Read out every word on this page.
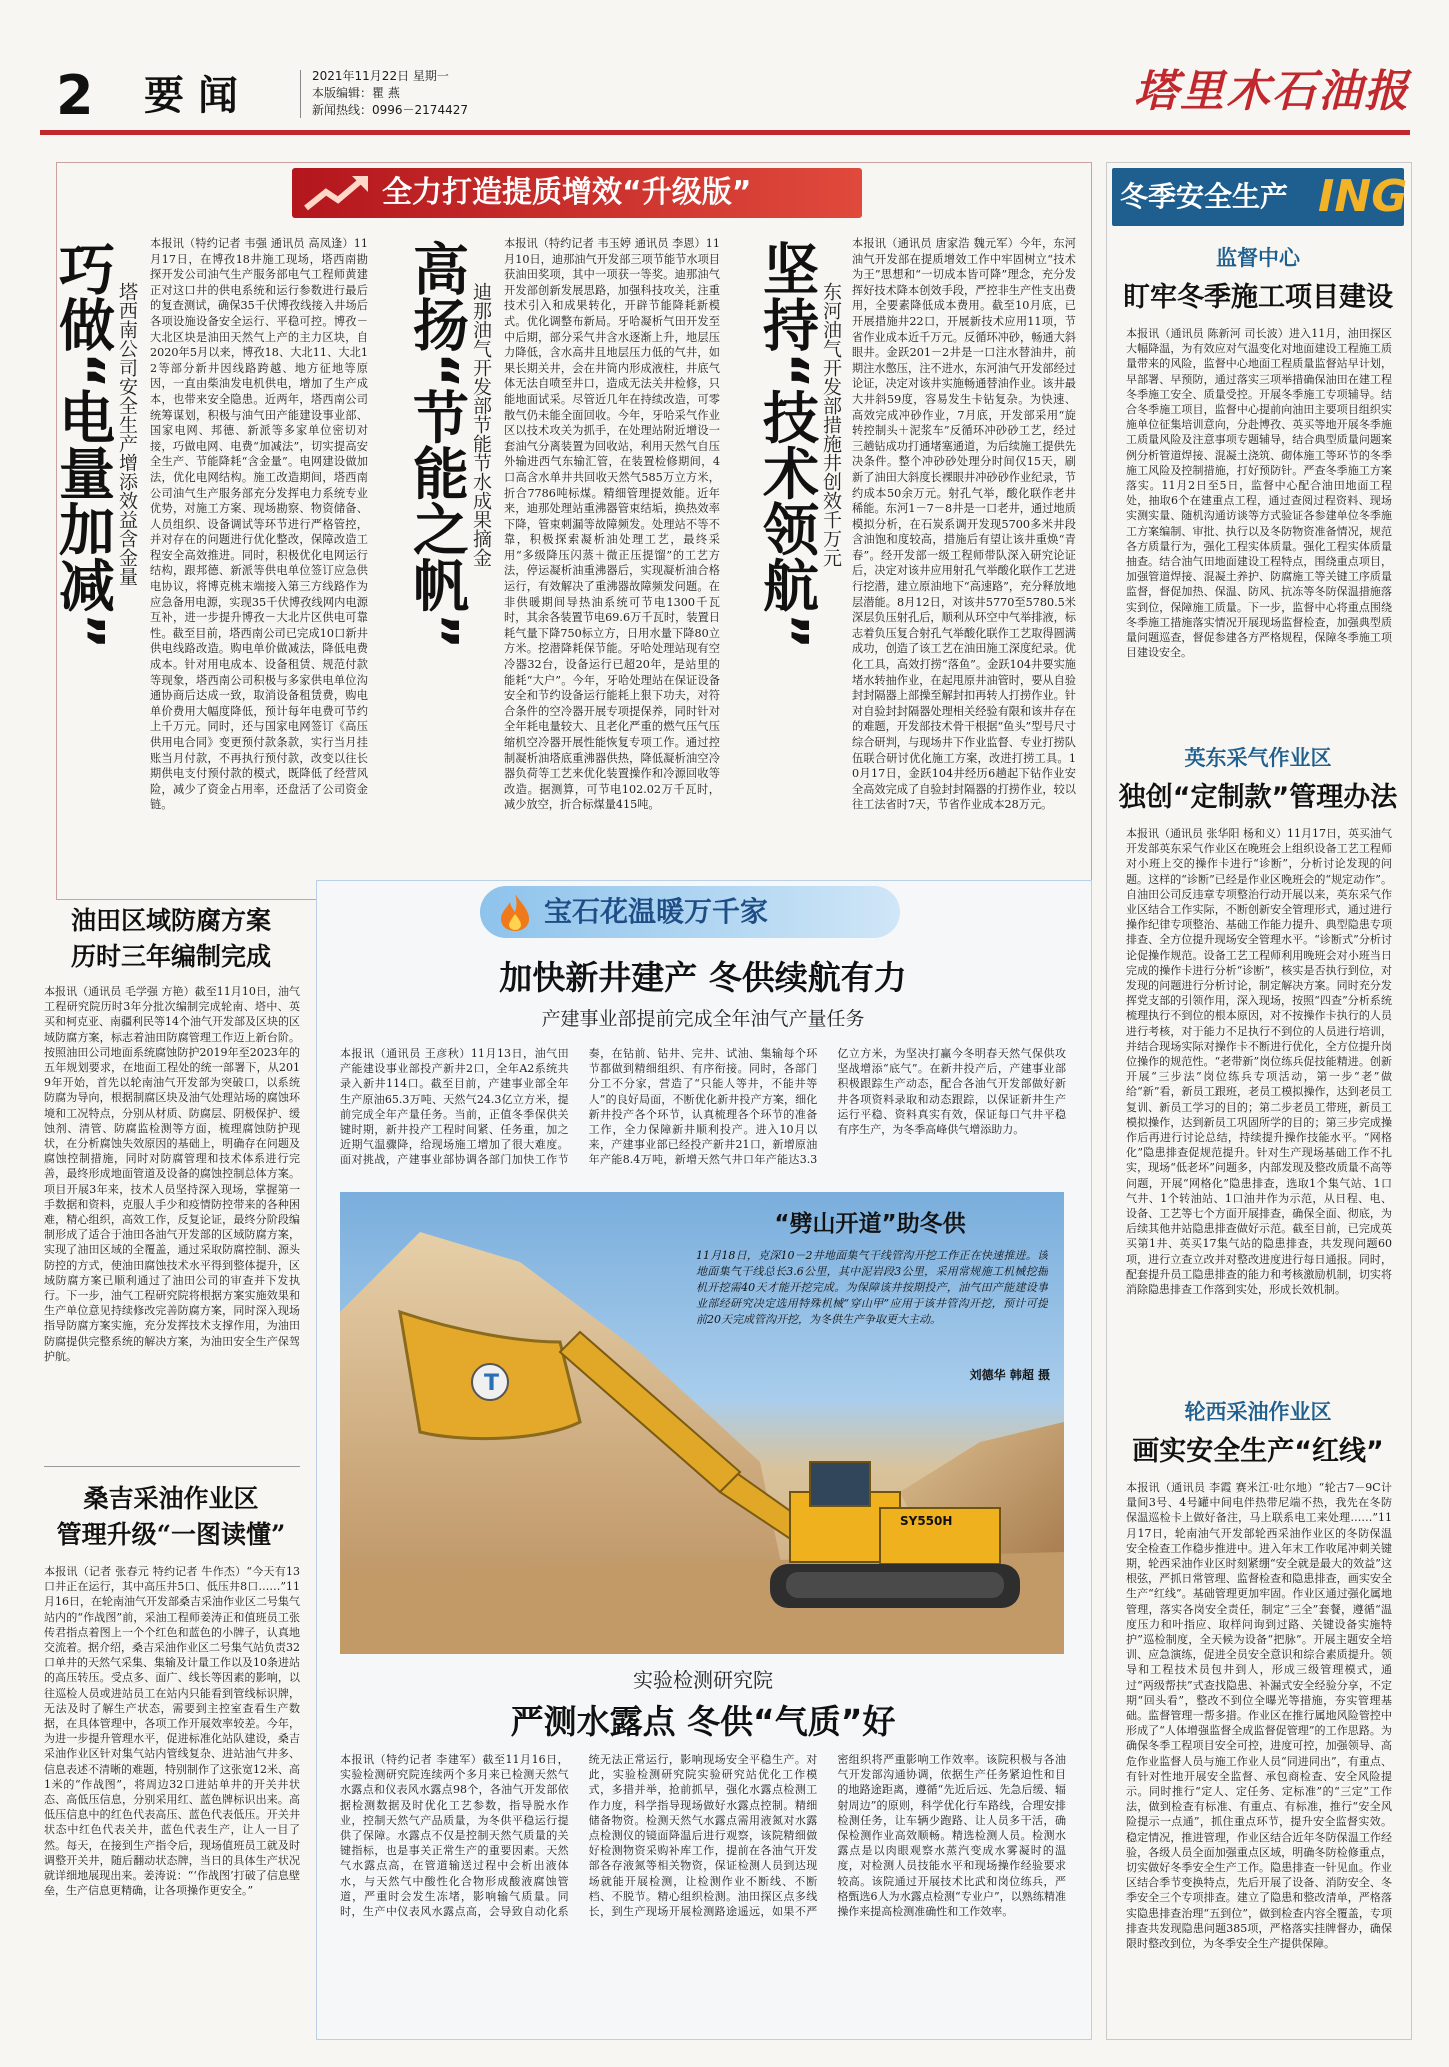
2 要闻	2021年11月22日 星期一
本版编辑：瞿 燕
新闻热线：0996－2174427	塔里木石油报
全力打造提质增效“升级版”
巧做“电量加减” 塔西南公司安全生产增添效益含金量
本报讯（特约记者 韦强 通讯员 高凤逢）11月17日，在博孜18井施工现场，塔西南勘探开发公司油气生产服务部电气工程师黄建正对这口井的供电系统和运行参数进行最后的复查测试，确保35千伏博孜线接入井场后各项设施设备安全运行、平稳可控。博孜－大北区块是油田天然气上产的主力区块，自2020年5月以来，博孜18、大北11、大北12等部分新井因线路跨越、地方征地等原因，一直由柴油发电机供电，增加了生产成本，也带来安全隐患。近两年，塔西南公司统筹谋划，积极与油气田产能建设事业部、国家电网、邦德、新派等多家单位密切对接，巧做电网、电费“加减法”，切实提高安全生产、节能降耗“含金量”。电网建设做加法，优化电网结构。施工改造期间，塔西南公司油气生产服务部充分发挥电力系统专业优势，对施工方案、现场勘察、物资储备、人员组织、设备调试等环节进行严格管控，并对存在的问题进行优化整改，保障改造工程安全高效推进。同时，积极优化电网运行结构，跟邦德、新派等供电单位签订应急供电协议，将博克桃末端接入第三方线路作为应急备用电源，实现35千伏博孜线网内电源互补，进一步提升博孜－大北片区供电可靠性。截至目前，塔西南公司已完成10口新井供电线路改造。购电单价做减法，降低电费成本。针对用电成本、设备租赁、规范付款等现象，塔西南公司积极与多家供电单位沟通协商后达成一致，取消设备租赁费，购电单价费用大幅度降低，预计每年电费可节约上千万元。同时，还与国家电网签订《高压供用电合同》变更预付款条款，实行当月挂账当月付款，不再执行预付款，改变以往长期供电支付预付款的模式，既降低了经营风险，减少了资金占用率，还盘活了公司资金链。
高扬“节能之帆” 迪那油气开发部节能节水成果摘金
本报讯（特约记者 韦玉婷 通讯员 李恩）11月10日，迪那油气开发部三项节能节水项目获油田奖项，其中一项获一等奖。迪那油气开发部创新发展思路，加强科技攻关，注重技术引入和成果转化，开辟节能降耗新模式。优化调整布新局。牙哈凝析气田开发至中后期，部分采气井含水逐渐上升，地层压力降低，含水高井且地层压力低的气井，如果长期关井，会在井筒内形成液柱，井底气体无法自喷至井口，造成无法关井检修，只能地面试采。尽管近几年在持续改造，可零散气仍未能全面回收。今年，牙哈采气作业区以技术攻关为抓手，在处理站附近增设一套油气分离装置为回收站，利用天然气自压外输进西气东输汇管，在装置检修期间，4口高含水单井共回收天然气585万立方米，折合7786吨标煤。精细管理提效能。近年来，迪那处理站重沸器管束结垢，换热效率下降，管束刺漏等故障频发。处理站不等不靠，积极探索凝析油处理工艺，最终采用“多级降压闪蒸＋微正压提馏”的工艺方法，停运凝析油重沸器后，实现凝析油合格运行，有效解决了重沸器故障频发问题。在非供暖期间导热油系统可节电1300千瓦时，其余各装置节电69.6万千瓦时，装置日耗气量下降750标立方，日用水量下降80立方米。挖潜降耗保节能。牙哈处理站现有空冷器32台，设备运行已超20年，是站里的能耗“大户”。今年，牙哈处理站在保证设备安全和节约设备运行能耗上狠下功夫，对符合条件的空冷器开展专项提保养，同时针对全年耗电量较大、且老化严重的燃气压气压缩机空冷器开展性能恢复专项工作。通过控制凝析油塔底重沸器供热，降低凝析油空冷器负荷等工艺来优化装置操作和冷源回收等改造。据测算，可节电102.02万千瓦时，减少放空，折合标煤量415吨。
坚持“技术领航” 东河油气开发部措施井创效千万元
本报讯（通讯员 唐家浩 魏元军）今年，东河油气开发部在提质增效工作中牢固树立“技术为王”思想和“一切成本皆可降”理念，充分发挥好技术降本创效手段，严控非生产性支出费用，全要素降低成本费用。截至10月底，已开展措施井22口，开展新技术应用11项，节省作业成本近千万元。反循环冲砂，畅通大斜眼井。金跃201－2井是一口注水替油井，前期注水憋压，注不进水，东河油气开发部经过论证，决定对该井实施畅通替油作业。该井最大井斜59度，容易发生卡钻复杂。为快速、高效完成冲砂作业，7月底，开发部采用“旋转控制头＋泥浆车”反循环冲砂砂工艺，经过三趟钻成功打通堵塞通道，为后续施工提供先决条件。整个冲砂砂处理分时间仅15天，刷新了油田大斜度长裸眼井冲砂砂作业纪录，节约成本50余万元。射孔气举，酸化联作老井稀能。东河1－7－8井是一口老井，通过地质模拟分析，在石炭系调开发现5700多米井段含油饱和度较高，措施后有望让该井重焕“青春”。经开发部一级工程师带队深入研究论证后，决定对该井应用射孔气举酸化联作工艺进行挖潜，建立原油地下“高速路”，充分释放地层潜能。8月12日，对该井5770至5780.5米深层负压射孔后，顺利从环空中气举排液，标志着负压复合射孔气举酸化联作工艺取得圆满成功，创造了该工艺在油田施工深度纪录。优化工具，高效打捞“落鱼”。金跃104井要实施堵水转抽作业，在起甩原井油管时，要从自验封封隔器上部操至解封扣再转人打捞作业。针对自验封封隔器处理相关经验有限和该井存在的难题，开发部技术骨干根据“鱼头”型号尺寸综合研判，与现场井下作业监督、专业打捞队伍联合研讨优化施工方案，改进打捞工具。10月17日，金跃104井经历6趟起下钻作业安全高效完成了自验封封隔器的打捞作业，较以往工法省时7天，节省作业成本28万元。
冬季安全生产 ING
监督中心
盯牢冬季施工项目建设
本报讯（通讯员 陈新河 司长波）进入11月，油田探区大幅降温，为有效应对气温变化对地面建设工程施工质量带来的风险，监督中心地面工程质量监督站早计划，早部署、早预防，通过落实三项举措确保油田在建工程冬季施工安全、质量受控。开展冬季施工专项辅导。结合冬季施工项目，监督中心提前向油田主要项目组织实施单位征集培训意向，分赴博孜、英买等地开展冬季施工质量风险及注意事项专题辅导，结合典型质量问题案例分析管道焊接、混凝土浇筑、砌体施工等环节的冬季施工风险及控制措施，打好预防针。严查冬季施工方案落实。11月2日至5日，监督中心配合油田地面工程处，抽取6个在建重点工程，通过查阅过程资料、现场实测实量、随机沟通访谈等方式验证各参建单位冬季施工方案编制、审批、执行以及冬防物资准备情况，规范各方质量行为，强化工程实体质量。强化工程实体质量抽查。结合油气田地面建设工程特点，围绕重点项目，加强管道焊接、混凝土养护、防腐施工等关键工序质量监督，督促加热、保温、防风、抗冻等冬防保温措施落实到位，保障施工质量。下一步，监督中心将重点围绕冬季施工措施落实情况开展现场监督检查，加强典型质量问题巡查，督促参建各方严格规程，保障冬季施工项目建设安全。
英东采气作业区
独创“定制款”管理办法
本报讯（通讯员 张华阳 杨和义）11月17日，英买油气开发部英东采气作业区在晚班会上组织设备工艺工程师对小班上交的操作卡进行“诊断”，分析讨论发现的问题。这样的“诊断”已经是作业区晚班会的“规定动作”。自油田公司反违章专项整治行动开展以来，英东采气作业区结合工作实际，不断创新安全管理形式，通过进行操作纪律专项整治、基础工作能力提升、典型隐患专项排查、全方位提升现场安全管理水平。“诊断式”分析讨论促操作规范。设备工艺工程师利用晚班会对小班当日完成的操作卡进行分析“诊断”，核实是否执行到位，对发现的问题进行分析讨论，制定解决方案。同时充分发挥党支部的引领作用，深入现场，按照“四查”分析系统梳理执行不到位的根本原因，对不按操作卡执行的人员进行考核，对于能力不足执行不到位的人员进行培训，并结合现场实际对操作卡不断进行优化，全方位提升岗位操作的规范性。“老带新”岗位练兵促技能精进。创新开展“三步法”岗位练兵专项活动，第一步“老”做给“新”看，新员工跟班，老员工模拟操作，达到老员工复训、新员工学习的目的；第二步老员工带班，新员工模拟操作，达到新员工巩固所学的目的；第三步完成操作后再进行讨论总结，持续提升操作技能水平。“网格化”隐患排查促规范提升。针对生产现场基础工作不扎实，现场“低老坏”问题多，内部发现及整改质量不高等问题，开展“网格化”隐患排查，选取1个集气站、1口气井、1个转油站、1口油井作为示范，从日程、电、设备、工艺等七个方面开展排查，确保全面、彻底，为后续其他井站隐患排查做好示范。截至目前，已完成英买第1井、英买17集气站的隐患排查，共发现问题60项，进行立查立改并对整改进度进行每日通报。同时，配套提升员工隐患排查的能力和考核激励机制，切实将消除隐患排查工作落到实处，形成长效机制。
轮西采油作业区
画实安全生产“红线”
本报讯（通讯员 李霞 赛米江·吐尔地）“轮古7－9C计量间3号、4号罐中间电伴热带尼端不热，我先在冬防保温巡检卡上做好备注，马上联系电工来处理……”11月17日，轮南油气开发部轮西采油作业区的冬防保温安全检查工作稳步推进中。进入年末工作收尾冲刺关键期，轮西采油作业区时刻紧绷“安全就是最大的效益”这根弦，严抓日常管理、监督检查和隐患排查，画实安全生产“红线”。基础管理更加牢固。作业区通过强化属地管理，落实各岗安全责任，制定“三全”套餐，遵循“温度压力和叶指应、取样问询到过路、关键设备实施特护”巡检制度，全天候为设备“把脉”。开展主题安全培训、应急演练，促进全员安全意识和综合素质提升。领导和工程技术员包井到人，形成三级管理模式，通过“两级帮扶”式查找隐患、补漏式安全经验分享，不定期“回头看”，整改不到位全曝光等措施，夯实管理基础。监督管理一帮多措。作业区在推行属地风险管控中形成了“人体增强监督全成监督促管理”的工作思路。为确保冬季工程项目安全可控，进度可控，加强领导、高危作业监督人员与施工作业人员“同进同出”，有重点、有针对性地开展安全监督、承包商检查、安全风险提示。同时推行“定人、定任务、定标准”的“三定”工作法，做到检查有标准、有重点、有标准，推行“安全风险提示一点通”，抓住重点环节，提升安全监督实效。稳定情况，推进管理，作业区结合近年冬防保温工作经验，各级人员全面加强重点区域，明确冬防检修重点，切实做好冬季安全生产工作。隐患排查一针见血。作业区结合季节变换特点，先后开展了设备、消防安全、冬季安全三个专项排查。建立了隐患和整改清单，严格落实隐患排查治理“五到位”，做到检查内容全覆盖，专项排查共发现隐患问题385项，严格落实挂牌督办，确保限时整改到位，为冬季安全生产提供保障。
油田区域防腐方案
历时三年编制完成
本报讯（通讯员 毛学强 方艳）截至11月10日，油气工程研究院历时3年分批次编制完成轮南、塔中、英买和柯克亚、南疆利民等14个油气开发部及区块的区域防腐方案，标志着油田防腐管理工作迈上新台阶。按照油田公司地面系统腐蚀防护2019年至2023年的五年规划要求，在地面工程处的统一部署下，从2019年开始，首先以轮南油气开发部为突破口，以系统防腐为导向，根据制腐区块及油气处理站场的腐蚀环境和工况特点，分别从材质、防腐层、阴极保护、缓蚀剂、清管、防腐监检测等方面，梳理腐蚀防护现状，在分析腐蚀失效原因的基础上，明确存在问题及腐蚀控制措施，同时对防腐管理和技术体系进行完善，最终形成地面管道及设备的腐蚀控制总体方案。项目开展3年来，技术人员坚持深入现场，掌握第一手数据和资料，克服人手少和疫情防控带来的各种困难，精心组织，高效工作，反复论证，最终分阶段编制形成了适合于油田各油气开发部的区域防腐方案，实现了油田区域的全覆盖，通过采取防腐控制、源头防控的方式，使油田腐蚀技术水平得到整体提升，区域防腐方案已顺利通过了油田公司的审查并下发执行。下一步，油气工程研究院将根据方案实施效果和生产单位意见持续修改完善防腐方案，同时深入现场指导防腐方案实施，充分发挥技术支撑作用，为油田防腐提供完整系统的解决方案，为油田安全生产保驾护航。
桑吉采油作业区
管理升级“一图读懂”
本报讯（记者 张春元 特约记者 牛作杰）“今天有13口井正在运行，其中高压井5口、低压井8口……”11月16日，在轮南油气开发部桑吉采油作业区二号集气站内的“作战图”前，采油工程师姜涛正和值班员工张传君指点着图上一个个红色和蓝色的小牌子，认真地交流着。据介绍，桑吉采油作业区二号集气站负责32口单井的天然气采集、集输及计量工作以及10条进站的高压转压。受点多、面广、线长等因素的影响，以往巡检人员或进站员工在站内只能看到管线标识牌，无法及时了解生产状态，需要到主控室查看生产数据，在具体管理中，各项工作开展效率较差。今年，为进一步提升管理水平，促进标准化站队建设，桑吉采油作业区针对集气站内管线复杂、进站油气井多、信息表述不清晰的难题，特别制作了这张宽12米、高1米的“作战图”，将周边32口进站单井的开关井状态、高低压信息，分别采用红、蓝色牌标识出来。高低压信息中的红色代表高压、蓝色代表低压。开关井状态中红色代表关井，蓝色代表生产，让人一目了然。每天，在接到生产指令后，现场值班员工就及时调整开关井，随后翻动状态牌，当日的具体生产状况就详细地展现出来。姜涛说：“‘作战图’打破了信息壁垒，生产信息更精确，让各项操作更安全。”
宝石花温暖万千家
加快新井建产 冬供续航有力
产建事业部提前完成全年油气产量任务
本报讯（通讯员 王彦秋）11月13日，油气田产能建设事业部投产新井2口，全年A2系统共录入新井114口。截至目前，产建事业部全年生产原油65.3万吨、天然气24.3亿立方米，提前完成全年产量任务。当前，正值冬季保供关键时期，新井投产工程时间紧、任务重，加之近期气温骤降，给现场施工增加了很大难度。面对挑战，产建事业部协调各部门加快工作节奏，在钻前、钻井、完井、试油、集输每个环节都做到精细组织、有序衔接。同时，各部门分工不分家，营造了“只能人等井，不能井等人”的良好局面，不断优化新井投产方案，细化新井投产各个环节，认真梳理各个环节的准备工作，全力保障新井顺利投产。进入10月以来，产建事业部已经投产新井21口，新增原油年产能8.4万吨，新增天然气井口年产能达3.3亿立方米，为坚决打赢今冬明春天然气保供攻坚战增添“底气”。在新井投产后，产建事业部积极跟踪生产动态，配合各油气开发部做好新井各项资料录取和动态跟踪，以保证新井生产运行平稳、资料真实有效，保证每口气井平稳有序生产，为冬季高峰供气增添助力。
T
SY550H
“劈山开道”助冬供
11月18日，克深10－2井地面集气干线管沟开挖工作正在快速推进。该地面集气干线总长3.6公里，其中泥岩段3公里，采用常规施工机械挖掘机开挖需40天才能开挖完成。为保障该井按期投产，油气田产能建设事业部经研究决定选用特殊机械“穿山甲”应用于该井管沟开挖，预计可提前20天完成管沟开挖，为冬供生产争取更大主动。
刘德华 韩超 摄
实验检测研究院
严测水露点 冬供“气质”好
本报讯（特约记者 李建军）截至11月16日，实验检测研究院连续两个多月来已检测天然气水露点和仪表风水露点98个，各油气开发部依据检测数据及时优化工艺参数，指导脱水作业，控制天然气产品质量，为冬供平稳运行提供了保障。水露点不仅是控制天然气质量的关键指标，也是事关正常生产的重要因素。天然气水露点高，在管道输送过程中会析出液体水，与天然气中酸性化合物形成酸液腐蚀管道，严重时会发生冻堵，影响输气质量。同时，生产中仪表风水露点高，会导致自动化系统无法正常运行，影响现场安全平稳生产。对此，实验检测研究院实验研究站优化工作模式，多措并举，抢前抓早，强化水露点检测工作力度，科学指导现场做好水露点控制。精细储备物资。检测天然气水露点需用液氮对水露点检测仪的镜面降温后进行观察，该院精细做好检测物资采购补库工作，提前在各油气开发部各存液氮等相关物资，保证检测人员到达现场就能开展检测，让检测作业不断线、不断档、不脱节。精心组织检测。油田探区点多线长，到生产现场开展检测路途遥远，如果不严密组织将严重影响工作效率。该院积极与各油气开发部沟通协调，依据生产任务紧迫性和目的地路途距离，遵循“先近后远、先急后缓、辐射周边”的原则，科学优化行车路线，合理安排检测任务，让车辆少跑路、让人员多干活，确保检测作业高效顺畅。精选检测人员。检测水露点是以肉眼观察水蒸汽变成水雾凝时的温度，对检测人员技能水平和现场操作经验要求较高。该院通过开展技术比武和岗位练兵，严格甄选6人为水露点检测“专业户”，以熟练精准操作来提高检测准确性和工作效率。
